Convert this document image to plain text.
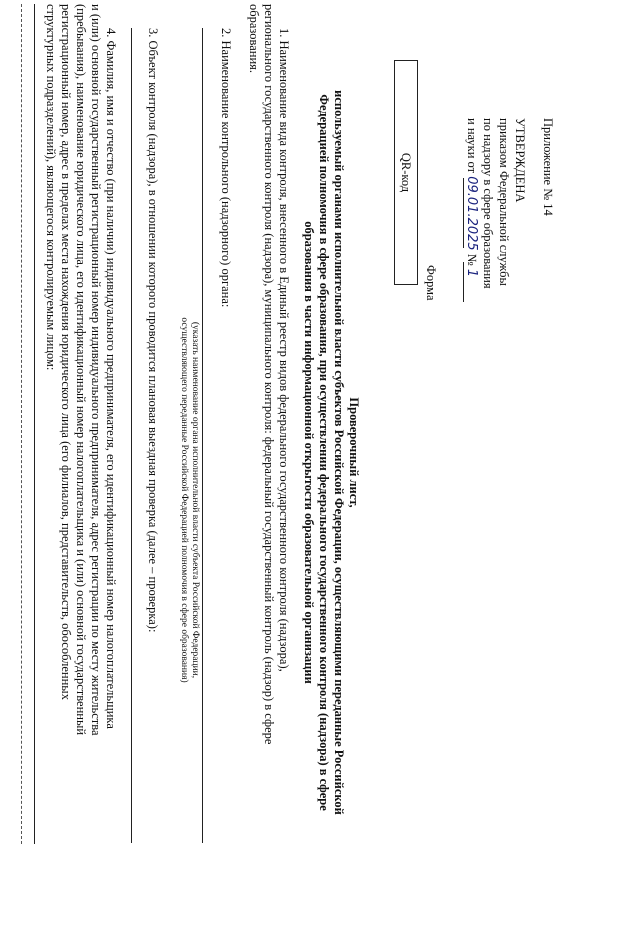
Приложение № 14
УТВЕРЖДЕНА
приказом Федеральной службы
по надзору в сфере образования
и науки от 09.01.2025 № 1
Форма
QR-код
Проверочный лист,
используемый органами исполнительной власти субъектов Российской Федерации, осуществляющими переданные Российской
Федерацией полномочия в сфере образования, при осуществлении федерального государственного контроля (надзора) в сфере
образования в части информационной открытости образовательной организации
1. Наименование вида контроля, внесенного в Единый реестр видов федерального государственного контроля (надзора),
регионального государственного контроля (надзора), муниципального контроля: федеральный государственный контроль (надзор) в сфере
образования.
2. Наименование контрольного (надзорного) органа:
(указать наименование органа исполнительной власти субъекта Российской Федерации,
осуществляющего переданные Российской Федерацией полномочия в сфере образования)
3. Объект контроля (надзора), в отношении которого проводится плановая выездная проверка (далее – проверка):
4. Фамилия, имя и отчество (при наличии) индивидуального предпринимателя, его идентификационный номер налогоплательщика
и (или) основной государственный регистрационный номер индивидуального предпринимателя, адрес регистрации по месту жительства
(пребывания), наименование юридического лица, его идентификационный номер налогоплательщика и (или) основной государственный
регистрационный номер, адрес в пределах места нахождения юридического лица (его филиалов, представительств, обособленных
структурных подразделений), являющегося контролируемым лицом:
